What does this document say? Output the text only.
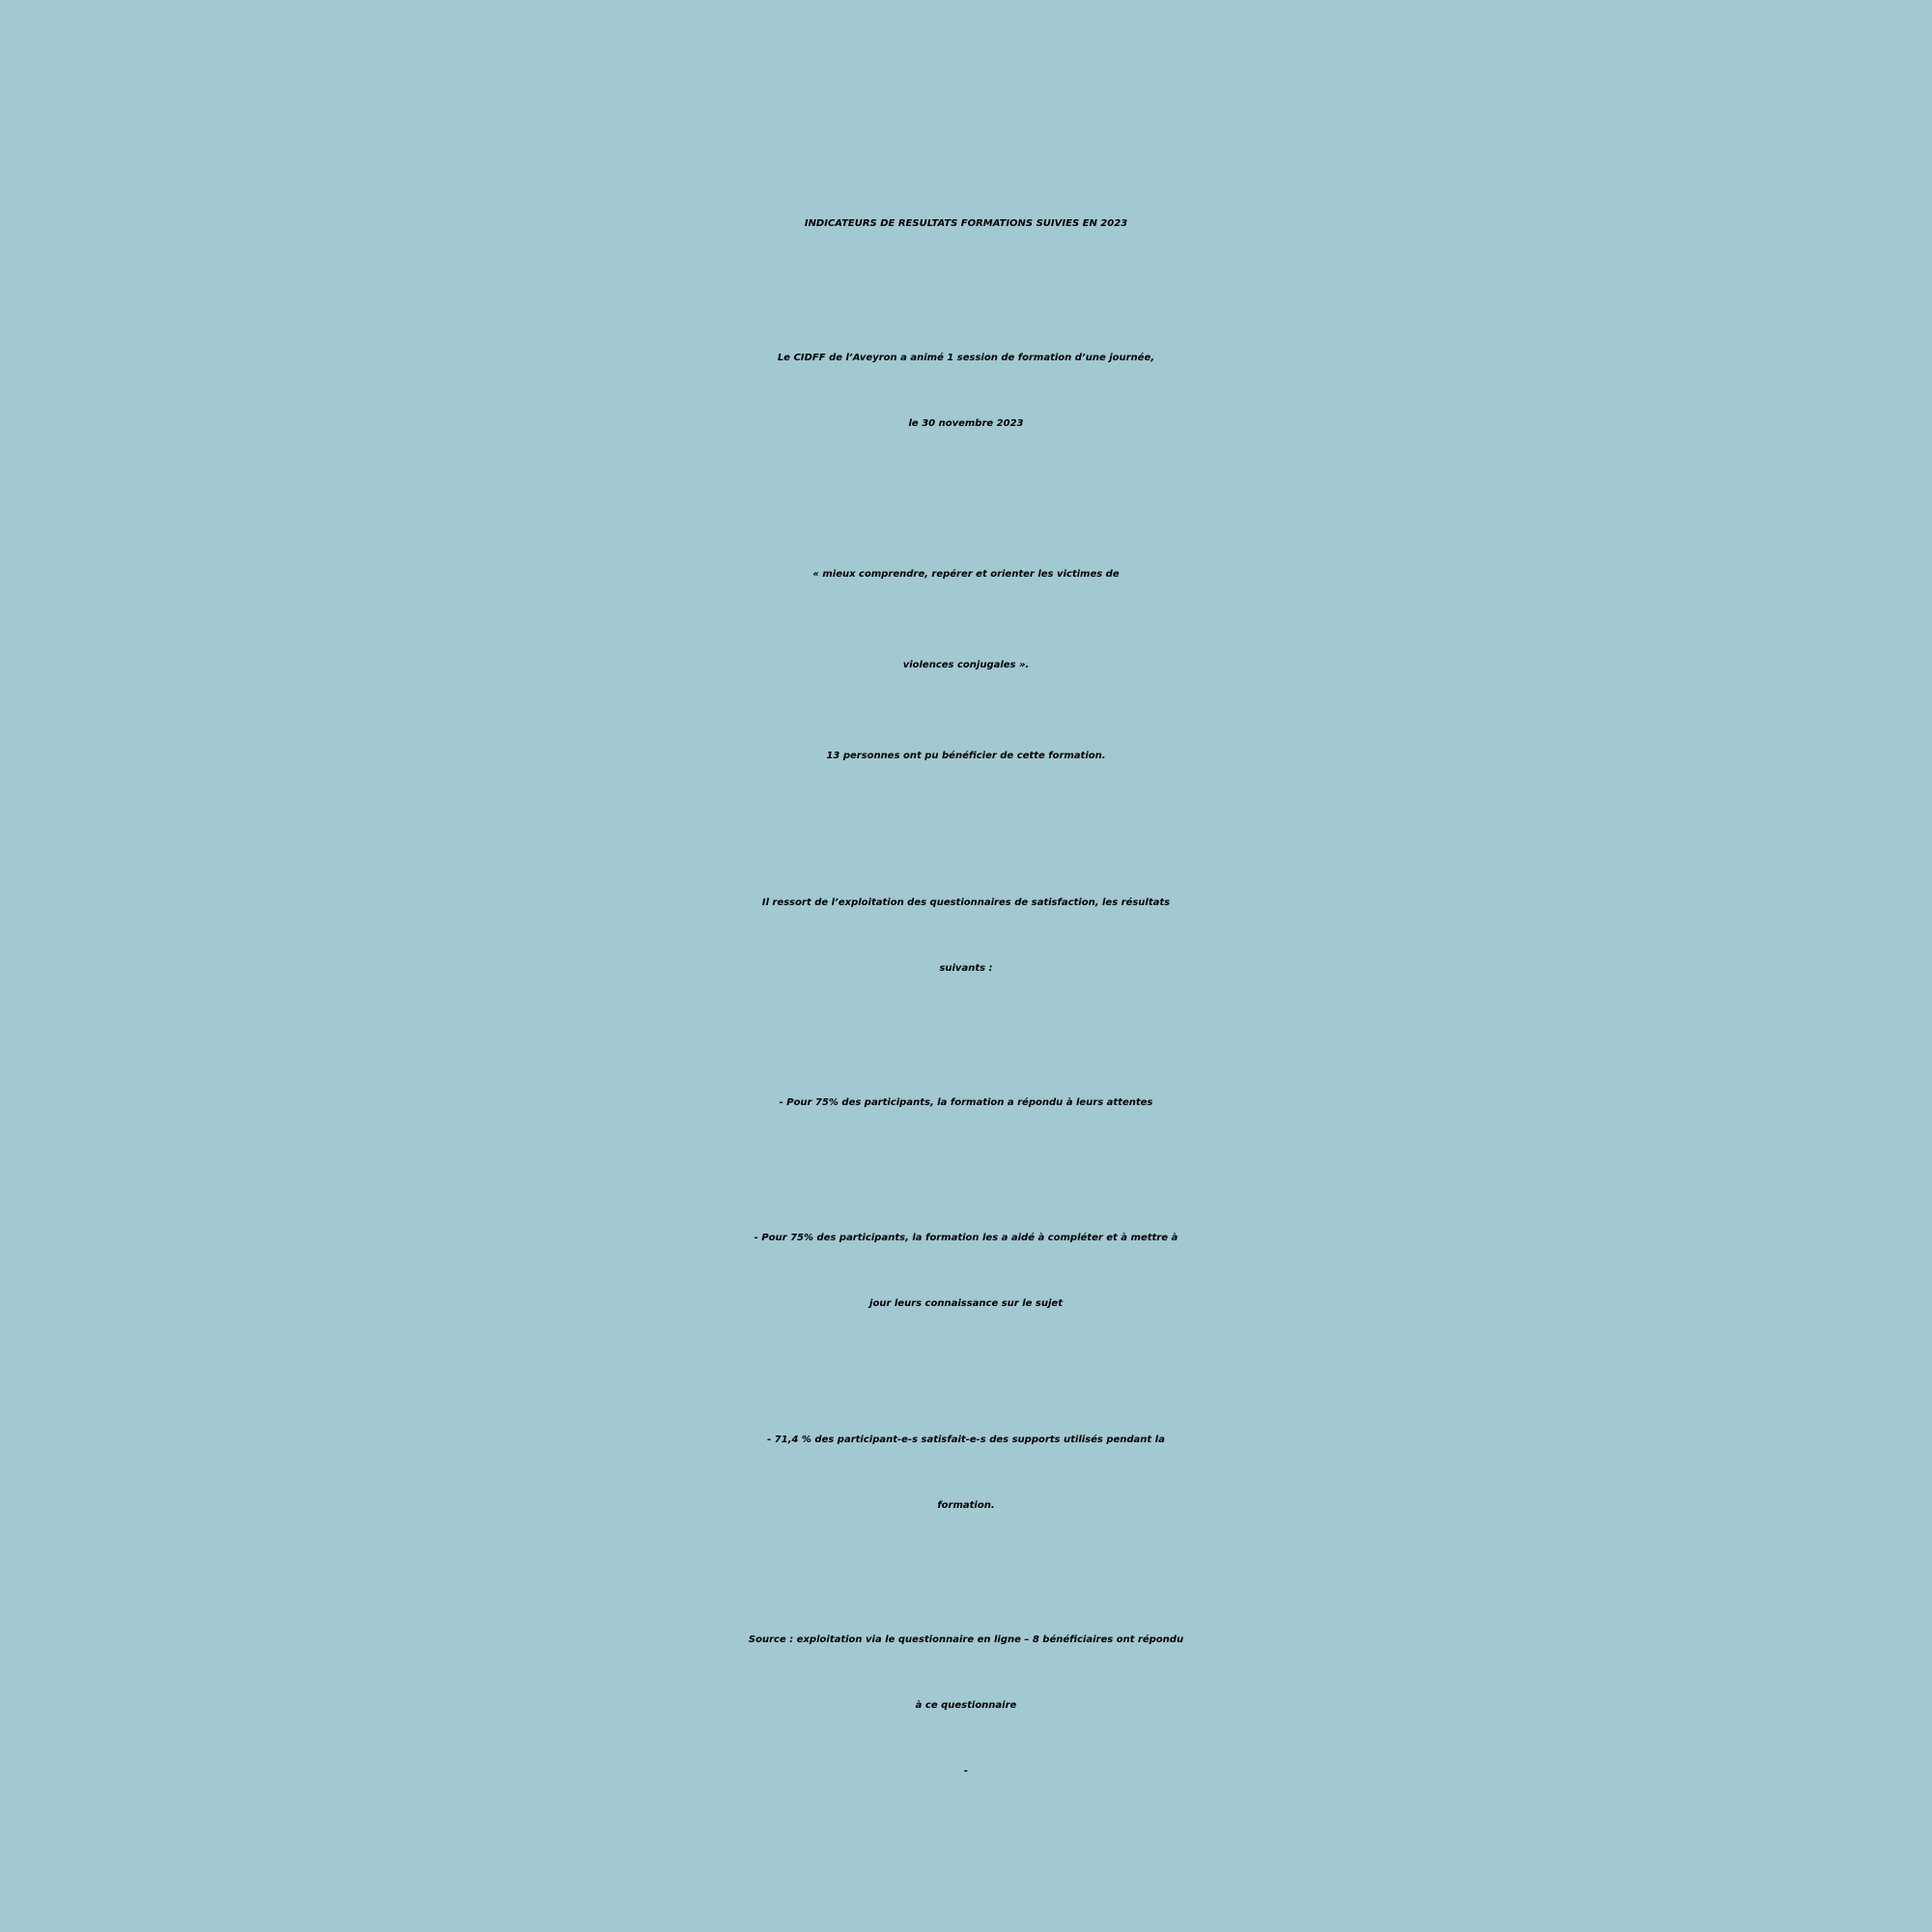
INDICATEURS DE RESULTATS FORMATIONS SUIVIES EN 2023
Le CIDFF de l’Aveyron a animé 1 session de formation d’une journée,
le 30 novembre 2023
« mieux comprendre, repérer et orienter les victimes de
violences conjugales ».
13 personnes ont pu bénéficier de cette formation.
Il ressort de l’exploitation des questionnaires de satisfaction, les résultats
suivants :
- Pour 75% des participants, la formation a répondu à leurs attentes
- Pour 75% des participants, la formation les a aidé à compléter et à mettre à
jour leurs connaissance sur le sujet
- 71,4 % des participant-e-s satisfait-e-s des supports utilisés pendant la
formation.
Source : exploitation via le questionnaire en ligne – 8 bénéficiaires ont répondu
à ce questionnaire
-
